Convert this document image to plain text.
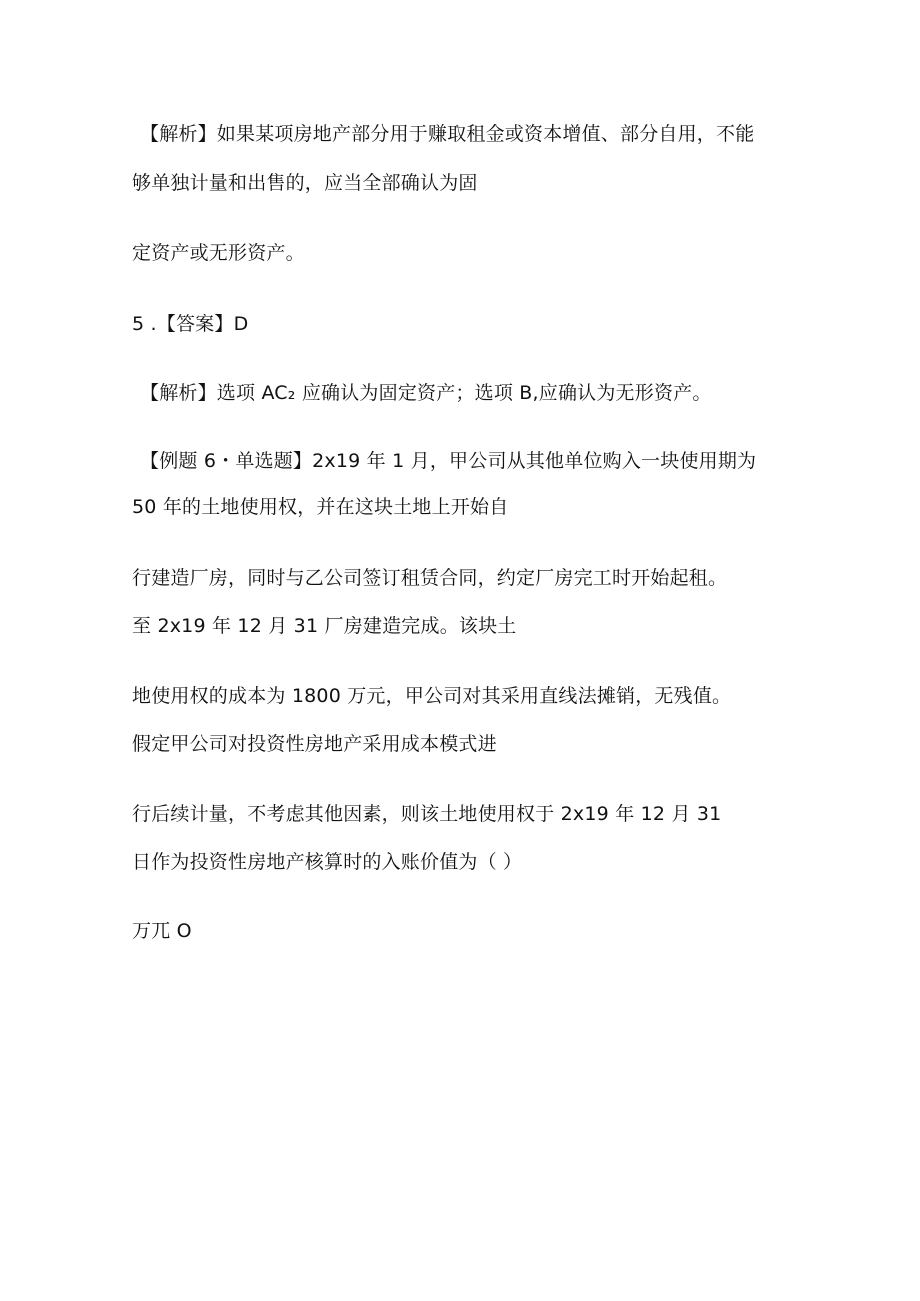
【解析】如果某项房地产部分用于赚取租金或资本增值、部分自用，不能
够单独计量和出售的，应当全部确认为固
定资产或无形资产。
5 .【答案】D
【解析】选项 AC₂ 应确认为固定资产；选项 B,应确认为无形资产。
【例题 6・单选题】2x19 年 1 月，甲公司从其他单位购入一块使用期为
50 年的土地使用权，并在这块土地上开始自
行建造厂房，同时与乙公司签订租赁合同，约定厂房完工时开始起租。
至 2x19 年 12 月 31 厂房建造完成。该块土
地使用权的成本为 1800 万元，甲公司对其采用直线法摊销，无残值。
假定甲公司对投资性房地产采用成本模式进
行后续计量，不考虑其他因素，则该土地使用权于 2x19 年 12 月 31
日作为投资性房地产核算时的入账价值为（ ）
万兀 O
